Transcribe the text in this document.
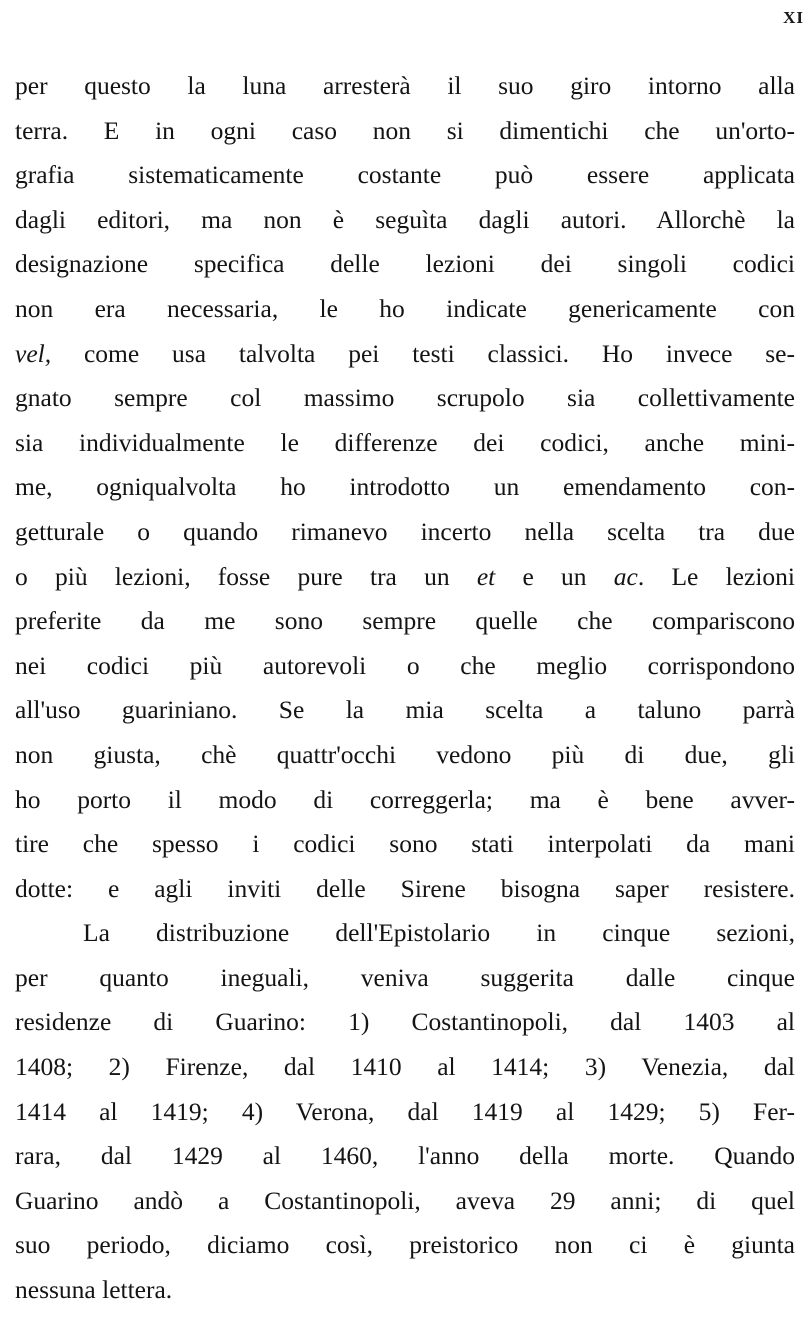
XI
per questo la luna arresterà il suo giro intorno alla
terra. E in ogni caso non si dimentichi che un'orto-
grafia sistematicamente costante può essere applicata
dagli editori, ma non è seguìta dagli autori. Allorchè la
designazione specifica delle lezioni dei singoli codici
non era necessaria, le ho indicate genericamente con
vel, come usa talvolta pei testi classici. Ho invece se-
gnato sempre col massimo scrupolo sia collettivamente
sia individualmente le differenze dei codici, anche mini-
me, ogniqualvolta ho introdotto un emendamento con-
getturale o quando rimanevo incerto nella scelta tra due
o più lezioni, fosse pure tra un et e un ac. Le lezioni
preferite da me sono sempre quelle che compariscono
nei codici più autorevoli o che meglio corrispondono
all'uso guariniano. Se la mia scelta a taluno parrà
non giusta, chè quattr'occhi vedono più di due, gli
ho porto il modo di correggerla; ma è bene avver-
tire che spesso i codici sono stati interpolati da mani
dotte: e agli inviti delle Sirene bisogna saper resistere.
La distribuzione dell'Epistolario in cinque sezioni,
per quanto ineguali, veniva suggerita dalle cinque
residenze di Guarino: 1) Costantinopoli, dal 1403 al
1408; 2) Firenze, dal 1410 al 1414; 3) Venezia, dal
1414 al 1419; 4) Verona, dal 1419 al 1429; 5) Fer-
rara, dal 1429 al 1460, l'anno della morte. Quando
Guarino andò a Costantinopoli, aveva 29 anni; di quel
suo periodo, diciamo così, preistorico non ci è giunta
nessuna lettera.
